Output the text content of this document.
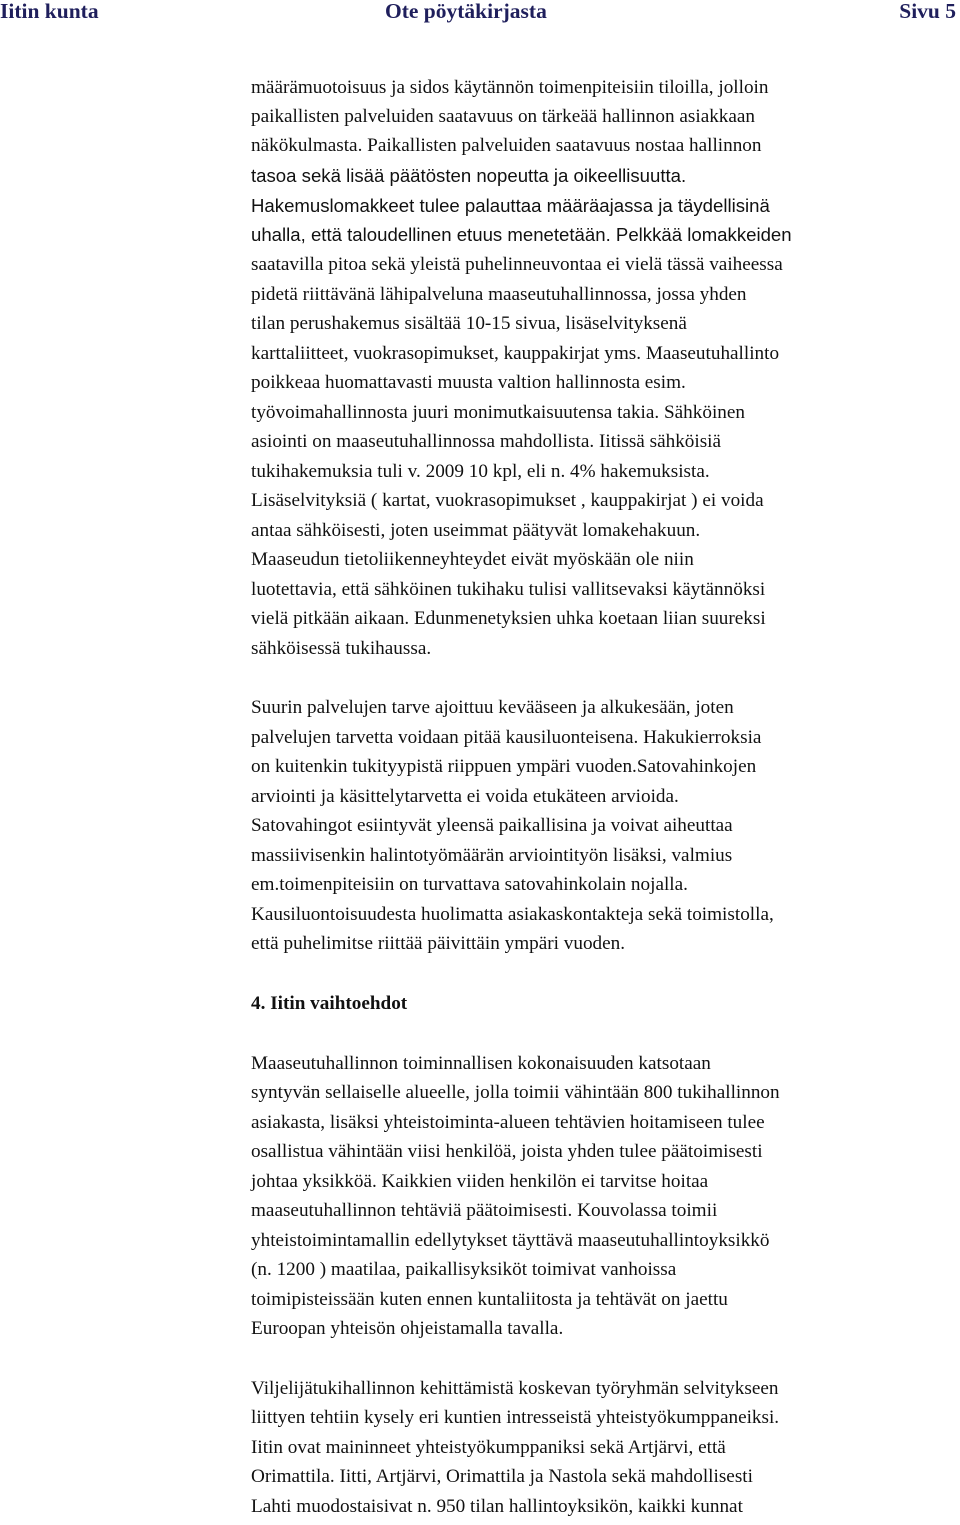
Iitin kunta	Ote pöytäkirjasta	Sivu 5
määrämuotoisuus ja sidos käytännön toimenpiteisiin tiloilla, jolloin
paikallisten palveluiden saatavuus on tärkeää hallinnon asiakkaan
näkökulmasta. Paikallisten palveluiden saatavuus nostaa hallinnon
tasoa sekä lisää päätösten nopeutta ja oikeellisuutta.
Hakemuslomakkeet tulee palauttaa määräajassa ja täydellisinä
uhalla, että taloudellinen etuus menetetään. Pelkkää lomakkeiden
saatavilla pitoa sekä yleistä puhelinneuvontaa ei vielä tässä vaiheessa
pidetä riittävänä lähipalveluna maaseutuhallinnossa, jossa yhden
tilan perushakemus sisältää 10-15 sivua, lisäselvityksenä
karttaliitteet, vuokrasopimukset, kauppakirjat yms. Maaseutuhallinto
poikkeaa huomattavasti muusta valtion hallinnosta esim.
työvoimahallinnosta juuri monimutkaisuutensa takia. Sähköinen
asiointi on maaseutuhallinnossa mahdollista. Iitissä sähköisiä
tukihakemuksia tuli v. 2009 10 kpl, eli n. 4% hakemuksista.
Lisäselvityksiä ( kartat, vuokrasopimukset , kauppakirjat ) ei voida
antaa sähköisesti, joten useimmat päätyvät lomakehakuun.
Maaseudun tietoliikenneyhteydet eivät myöskään ole niin
luotettavia, että sähköinen tukihaku tulisi vallitsevaksi käytännöksi
vielä pitkään aikaan. Edunmenetyksien uhka koetaan liian suureksi
sähköisessä tukihaussa.
Suurin palvelujen tarve ajoittuu kevääseen ja alkukesään, joten
palvelujen tarvetta voidaan pitää kausiluonteisena. Hakukierroksia
on kuitenkin tukityypistä riippuen ympäri vuoden.Satovahinkojen
arviointi ja käsittelytarvetta ei voida etukäteen arvioida.
Satovahingot esiintyvät yleensä paikallisina ja voivat aiheuttaa
massiivisenkin halintotyömäärän arviointityön lisäksi, valmius
em.toimenpiteisiin on turvattava satovahinkolain nojalla.
Kausiluontoisuudesta huolimatta asiakaskontakteja sekä toimistolla,
että puhelimitse riittää päivittäin ympäri vuoden.
4. Iitin vaihtoehdot
Maaseutuhallinnon toiminnallisen kokonaisuuden katsotaan
syntyvän sellaiselle alueelle, jolla toimii vähintään 800 tukihallinnon
asiakasta, lisäksi yhteistoiminta-alueen tehtävien hoitamiseen tulee
osallistua vähintään viisi henkilöä, joista yhden tulee päätoimisesti
johtaa yksikköä. Kaikkien viiden henkilön ei tarvitse hoitaa
maaseutuhallinnon tehtäviä päätoimisesti. Kouvolassa toimii
yhteistoimintamallin edellytykset täyttävä maaseutuhallintoyksikkö
(n. 1200 ) maatilaa, paikallisyksiköt toimivat vanhoissa
toimipisteissään kuten ennen kuntaliitosta ja tehtävät on jaettu
Euroopan yhteisön ohjeistamalla tavalla.
Viljelijätukihallinnon kehittämistä koskevan työryhmän selvitykseen
liittyen tehtiin kysely eri kuntien intresseistä yhteistyökumppaneiksi.
Iitin ovat maininneet yhteistyökumppaniksi sekä Artjärvi, että
Orimattila. Iitti, Artjärvi, Orimattila ja Nastola sekä mahdollisesti
Lahti muodostaisivat n. 950 tilan hallintoyksikön, kaikki kunnat
